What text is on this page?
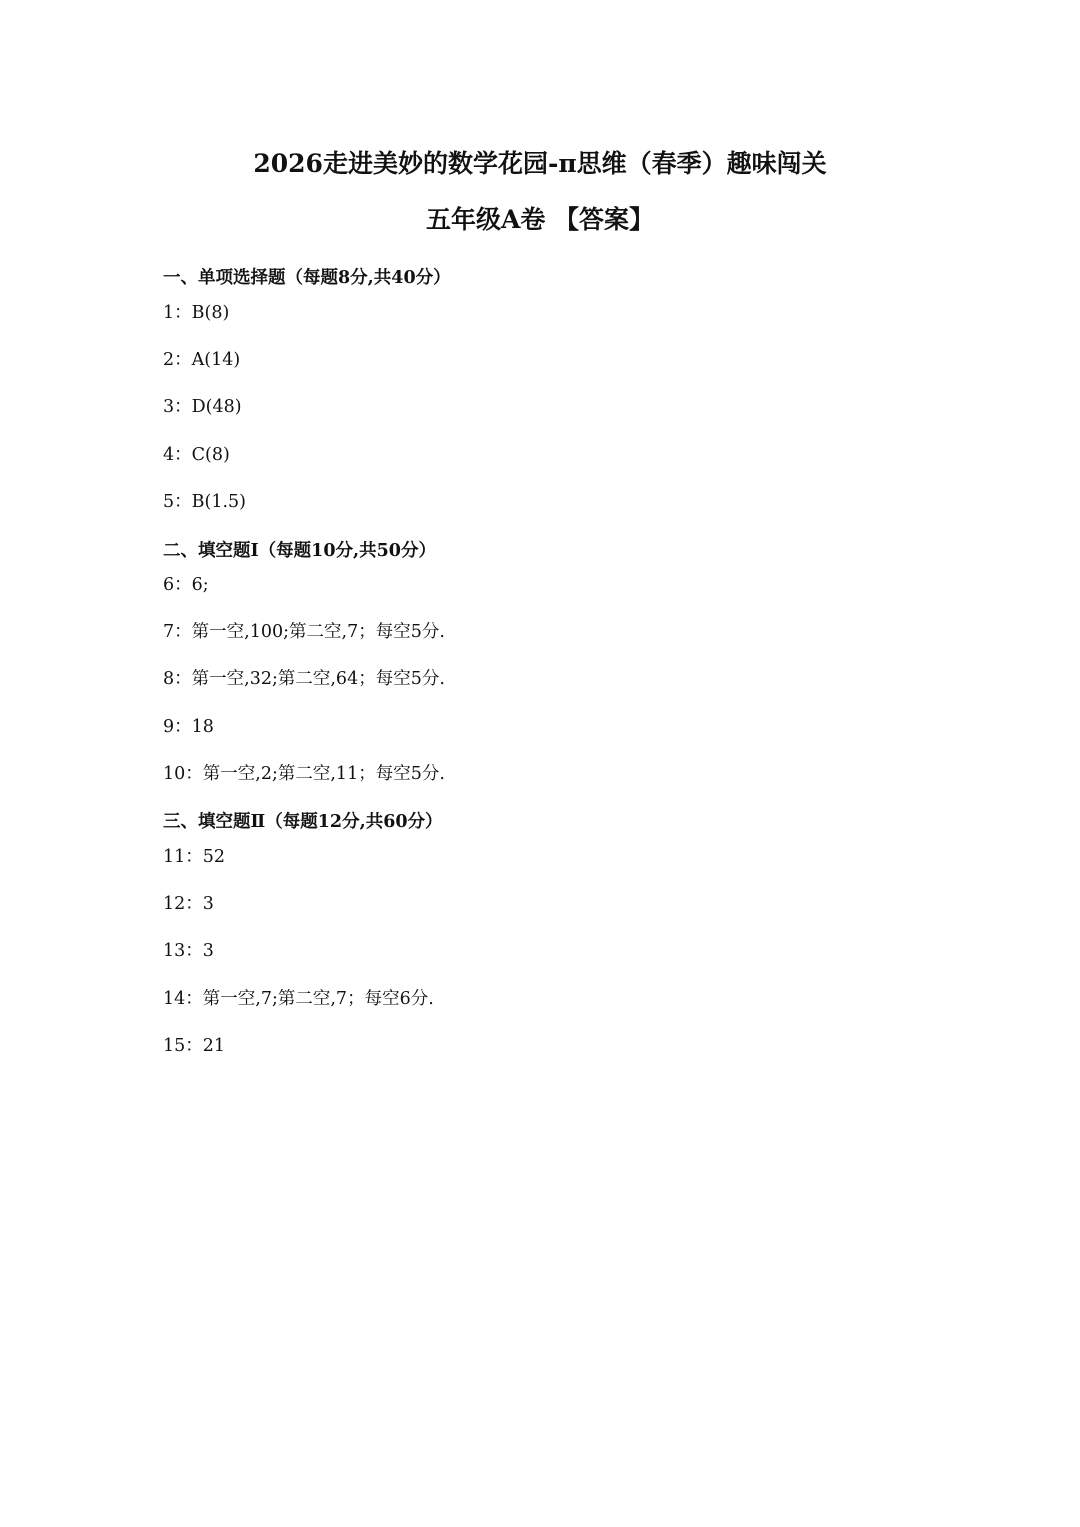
2026走进美妙的数学花园-π思维（春季）趣味闯关
五年级A卷 【答案】
一、单项选择题（每题8分,共40分）
1 ： B(8)
2 ： A(14)
3 ： D(48)
4 ： C(8)
5 ： B(1.5)
二、填空题Ⅰ（每题10分,共50分）
6 ： 6;
7 ： 第一空,100;第二空,7；每空5分.
8 ： 第一空,32;第二空,64；每空5分.
9 ： 18
10 ： 第一空,2;第二空,11；每空5分.
三、填空题Ⅱ（每题12分,共60分）
11 ： 52
12 ： 3
13 ： 3
14 ： 第一空,7;第二空,7；每空6分.
15 ： 21
